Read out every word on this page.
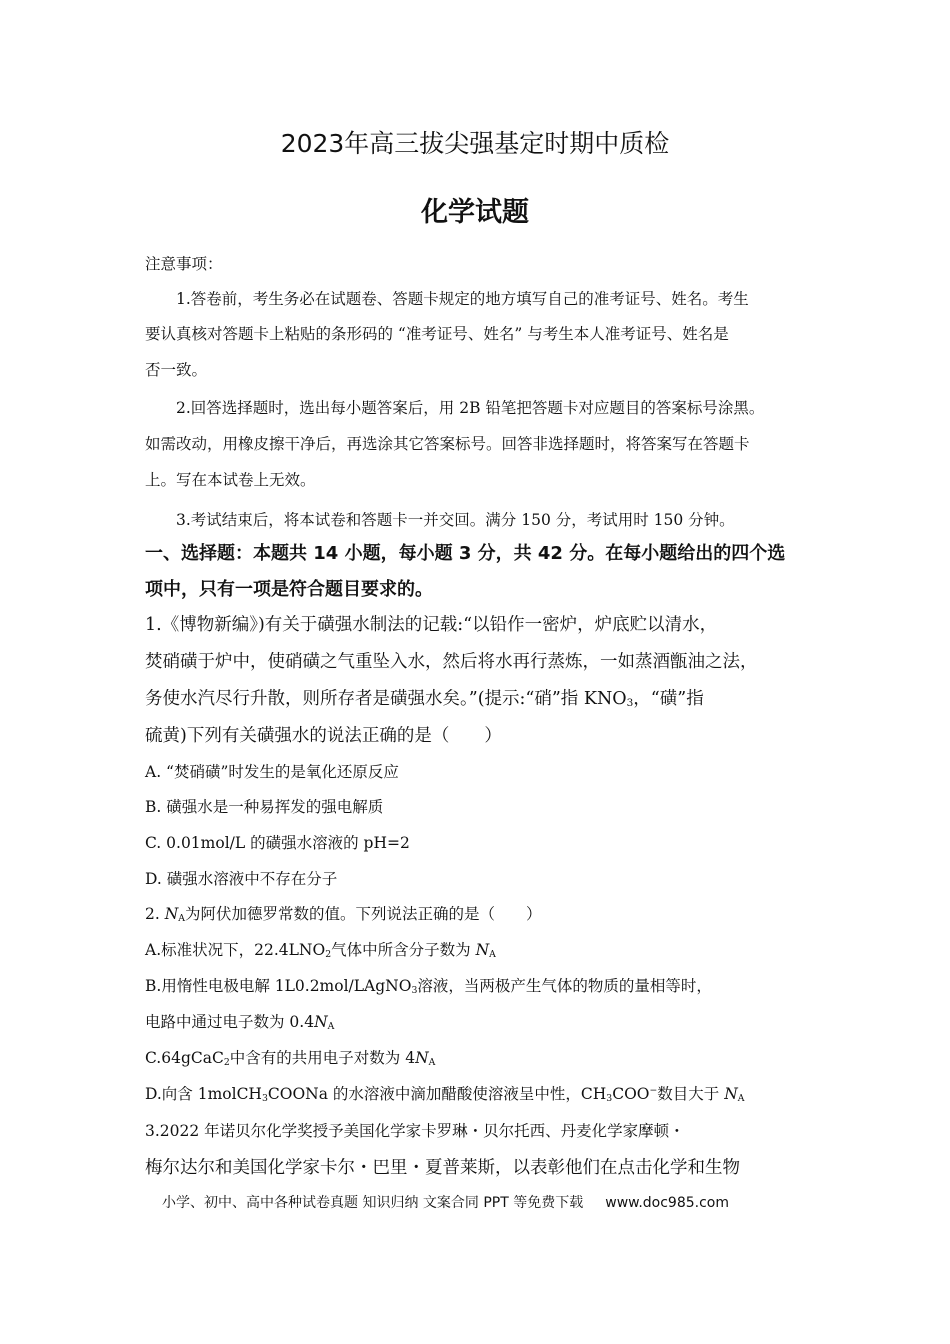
2023年高三拔尖强基定时期中质检
化学试题
注意事项：
1.答卷前，考生务必在试题卷、答题卡规定的地方填写自己的准考证号、姓名。考生
要认真核对答题卡上粘贴的条形码的 “准考证号、姓名” 与考生本人准考证号、姓名是
否一致。
2.回答选择题时，选出每小题答案后，用 2B 铅笔把答题卡对应题目的答案标号涂黑。
如需改动，用橡皮擦干净后，再选涂其它答案标号。回答非选择题时，将答案写在答题卡
上。写在本试卷上无效。
3.考试结束后，将本试卷和答题卡一并交回。满分 150 分，考试用时 150 分钟。
一、选择题：本题共 14 小题，每小题 3 分，共 42 分。在每小题给出的四个选
项中，只有一项是符合题目要求的。
1.《博物新编》)有关于磺强水制法的记载:“以铅作一密炉，炉底贮以清水，
焚硝磺于炉中，使硝磺之气重坠入水，然后将水再行蒸炼，一如蒸酒甑油之法，
务使水汽尽行升散，则所存者是磺强水矣。”(提示:“硝”指 $KNO_3$，“磺”指
硫黄)下列有关磺强水的说法正确的是（　　）
A. “焚硝磺”时发生的是氧化还原反应
B. 磺强水是一种易挥发的强电解质
C. 0.01mol/L 的磺强水溶液的 pH=2
D. 磺强水溶液中不存在分子
2. $N_A$为阿伏加德罗常数的值。下列说法正确的是（　　）
A.标准状况下，$22.4LNO_2$气体中所含分子数为 $N_A$
B.用惰性电极电解 1L0.2mol/LAgNO$_3$溶液，当两极产生气体的物质的量相等时，
电路中通过电子数为 $0.4N_A$
C.64gCaC$_2$中含有的共用电子对数为 $4N_A$
D.向含 1molCH$_3$COONa 的水溶液中滴加醋酸使溶液呈中性，$CH_3COO^-$数目大于 $N_A$
3.2022 年诺贝尔化学奖授予美国化学家卡罗琳・贝尔托西、丹麦化学家摩顿・
梅尔达尔和美国化学家卡尔・巴里・夏普莱斯，以表彰他们在点击化学和生物
小学、初中、高中各种试卷真题 知识归纳 文案合同 PPT 等免费下载 www.doc985.com
